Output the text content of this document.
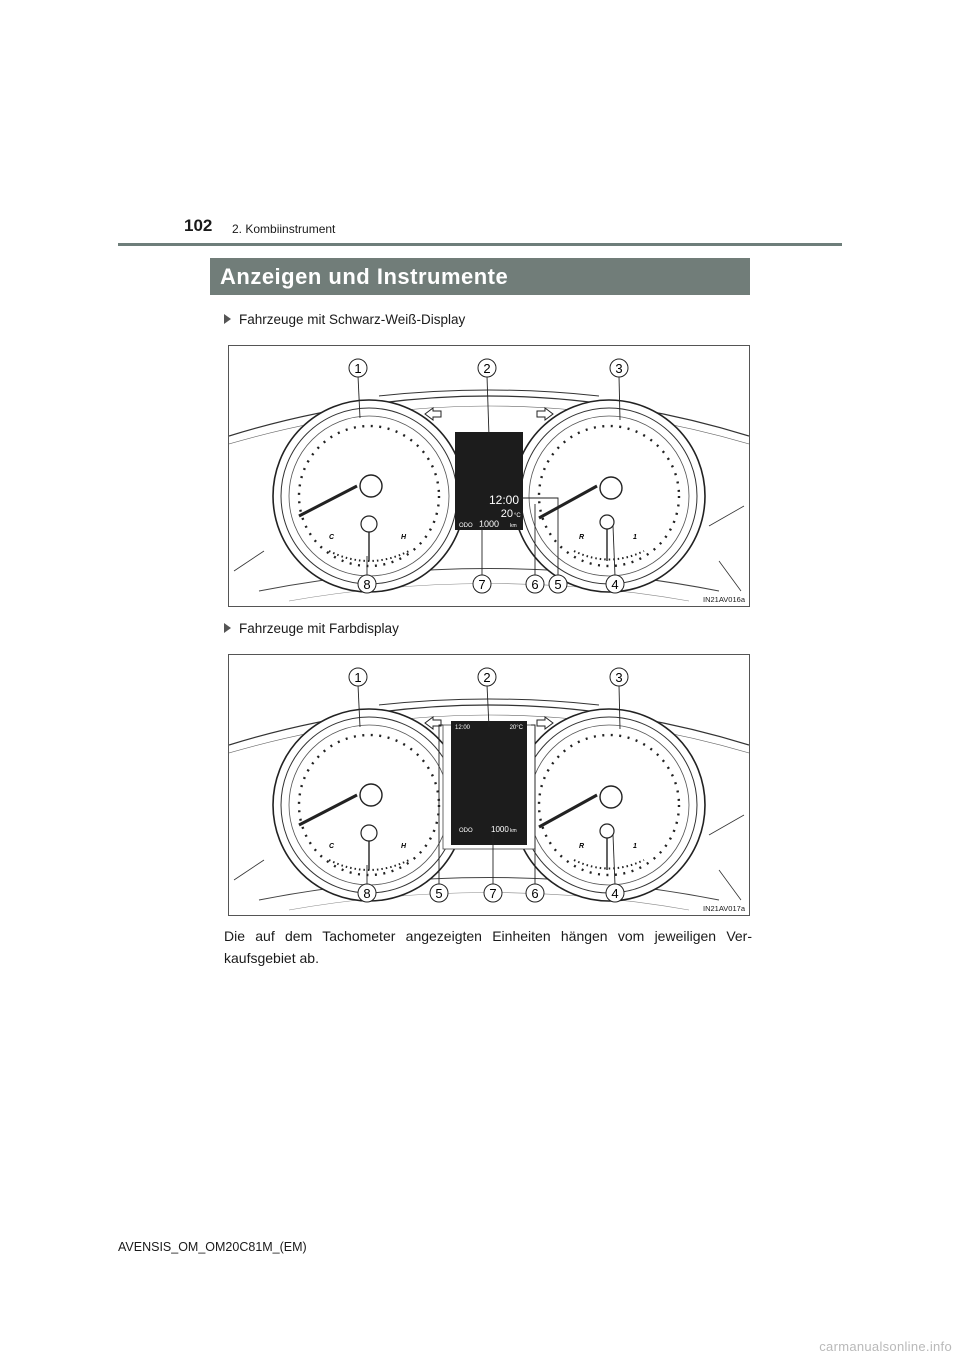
102 2. Kombiinstrument
Anzeigen und Instrumente
Fahrzeuge mit Schwarz-Weiß-Display
C	H	R	1
12:00
20 °C
ODO 1000 km
1	2	3
8	7	6 5	4
IN21AV016a
Fahrzeuge mit Farbdisplay
C	H	R	1
12:00	20°C
ODO 1000 km
1	2	3
8	5	7	6	4
IN21AV017a
Die auf dem Tachometer angezeigten Einheiten hängen vom jeweiligen Ver-kaufsgebiet ab.
AVENSIS_OM_OM20C81M_(EM)
carmanualsonline.info
